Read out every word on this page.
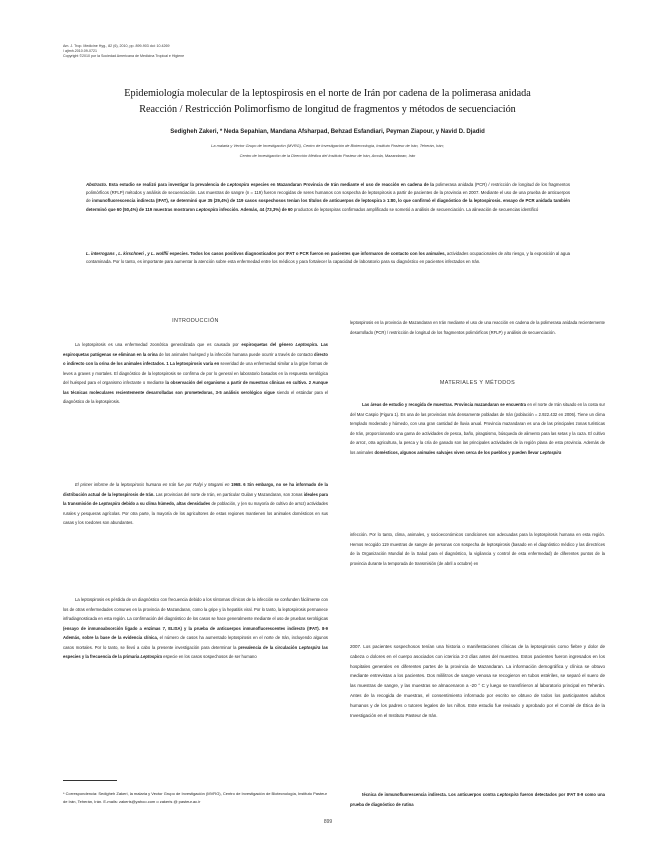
Am. J. Trop. Medicine Hyg., 82 (6), 2010, pp. 899-903 doi: 10.4269
/ ajtmh.2010.09-0721
Copyright ©2010 por la Sociedad Americana de Medicina Tropical e Higiene
Epidemiología molecular de la leptospirosis en el norte de Irán por cadena de la polimerasa anidada
Reacción / Restricción Polimorfismo de longitud de fragmentos y métodos de secuenciación
Sedigheh Zakeri, * Neda Sepahian, Mandana Afsharpad, Behzad Esfandiari, Peyman Ziapour, y Navid D. Djadid
La malaria y Vector Grupo de Investigación (MVRG), Centro de Investigación de Biotecnología, Instituto Pasteur de Irán, Teherán, Irán;
Centro de Investigación de la Dirección Médica del Instituto Pasteur de Irán, Amola, Mazandaran, Irán
Abstracto. Esta estudio se realizó para investigar la prevalencia de Leptospira especies en Mazandaran Provincia de Irán mediante el uso de reacción en cadena de la polimerasa anidada (PCR) / restricción de longitud de los fragmentos polimórficos (RFLP) métodos y análisis de secuenciación. Las muestras de sangre (n = 119) fueron recogidas de seres humanos con sospecha de leptospirosis a partir de pacientes de la provincia en 2007. Mediante el uso de una prueba de anticuerpos de inmunofluorescencia indirecta (IFAT), se determinó que 35 (29,4%) de 119 casos sospechosos tenían los títulos de anticuerpos de leptospira ≥ 1:80, lo que confirmó el diagnóstico de la leptospirosis. ensayo de PCR anidada también determinó que 60 (50,4%) de 119 muestras mostraron Leptospira infección. Además, 44 (73,3%) de 60 productos de leptospiras confirmados amplificado se sometió a análisis de secuenciación. La alineación de secuencias identificó
L. interrogans , L. kirschneri , y L. wolffii especies. Todos los casos positivos diagnosticados por IFAT o PCR fueron en pacientes que informaron de contacto con los animales, actividades ocupacionales de alto riesgo, y la exposición al agua contaminada. Por lo tanto, es importante para aumentar la atención sobre esta enfermedad entre los médicos y para fortalecer la capacidad de laboratorio para su diagnóstico en pacientes infectados en Irán.
INTRODUCCIÓN
MATERIALES Y MÉTODOS

La leptospirosis es una enfermedad zoonótica generalizada que es causada por espiroquetas del género Leptospira. Las espiroquetas patógenas se eliminan en la orina de los animales huésped y la infección humana puede ocurrir a través de contacto directo o indirecto con la orina de los animales infectados. 1 La leptospirosis varía en severidad de una enfermedad similar a la gripe formas de leves a graves y mortales. El diagnóstico de la leptospirosis se confirma de por lo general en laboratorio basados en la respuesta serológica del huésped para el organismo infectante o mediante la observación del organismo a partir de muestras clínicas en cultivo. 2 Aunque las técnicas moleculares recientemente desarrolladas son prometedoras, 3-5 análisis serológico sigue siendo el estándar para el diagnóstico de la leptospirosis.

El primer informe de la leptospirosis humana en Irán fue por Rafyi y Magami en 1968. 6 Sin embargo, no se ha informado de la distribución actual de la leptospirosis de Irán. Las provincias del norte de Irán, en particular Guilan y Mazandaran, son zonas ideales para la transmisión de Leptospira debido a su clima húmedo, altas densidades de población, y (en su mayoría de cultivo de arroz) actividades rurales y pesqueras agrícolas. Por otra parte, la mayoría de los agricultores de estas regiones mantienen los animales domésticos en sus casas y los roedores son abundantes.

La leptospirosis es pérdida de un diagnóstico con frecuencia debido a los síntomas clínicos de la infección se confunden fácilmente con los de otras enfermedades comunes en la provincia de Mazandaran, como la gripe y la hepatitis viral. Por lo tanto, la leptospirosis permanece infradiagnosticada en esta región. La confirmación del diagnóstico de los casos se hace generalmente mediante el uso de pruebas serológicas (ensayo de inmunoabsorción ligado a enzimas 7, ELISA) y la prueba de anticuerpos inmunofluorescentes indirecto (IFAT). 8-9 Además, sobre la base de la evidencia clínica, el número de casos ha aumentado leptospirosis en el norte de Irán, incluyendo algunos casos mortales. Por lo tanto, se llevó a cabo la presente investigación para determinar la prevalencia de la circulación Leptospira las especies y la frecuencia de la primaria Leptospira especie en los casos sospechosos de ser humano

leptospirosis en la provincia de Mazandaran en Irán mediante el uso de una reacción en cadena de la polimerasa anidada recientemente desarrollado (PCR) / restricción de longitud de los fragmentos polimórficos (RFLP) y análisis de secuenciación.

Las áreas de estudio y recogida de muestras. Provincia mazandaran se encuentra en el norte de Irán situado en la costa sur del Mar Caspio (Figura 1). Es una de las provincias más densamente pobladas de Irán (población = 2.922.432 en 2006). Tiene un clima templado moderado y húmedo, con una gran cantidad de lluvia anual. Provincia mazandaran es una de las principales zonas turísticas de Irán, proporcionando una gama de actividades de pesca, baño, piragüismo, búsqueda de alimento para las setas y la caza. El cultivo de arroz, otra agricultura, la pesca y la cría de ganado son las principales actividades de la región plana de esta provincia. Además de los animales domésticos, algunos animales salvajes viven cerca de los pueblos y pueden llevar Leptospira

infección. Por lo tanto, clima, animales, y socioeconómicos condiciones son adecuadas para la leptospirosis humana en esta región. Hemos recogido 119 muestras de sangre de personas con sospecha de leptospirosis (basado en el diagnóstico médico y las directrices de la Organización Mundial de la Salud para el diagnóstico, la vigilancia y control de esta enfermedad) de diferentes puntos de la provincia durante la temporada de transmisión (de abril a octubre) en

2007. Los pacientes sospechosos tenían una historia o manifestaciones clínicas de la leptospirosis como fiebre y dolor de cabeza o dolores en el cuerpo asociados con ictericia 2-3 días antes del muestreo. Estos pacientes fueron ingresados en los hospitales generales en diferentes partes de la provincia de Mazandaran. La información demográfica y clínica se obtuvo mediante entrevistas a los pacientes. Dos mililitros de sangre venosa se recogieron en tubos estériles, se separó el suero de las muestras de sangre, y las muestras se almacenaron a -20 ° C y luego se transfirieron al laboratorio principal en Teherán. Antes de la recogida de muestras, el consentimiento informado por escrito se obtuvo de todos los participantes adultos humanos y de los padres o tutores legales de los niños. Este estudio fue revisado y aprobado por el Comité de Ética de la Investigación en el Instituto Pasteur de Irán.

técnica de inmunofluorescencia indirecta. Los anticuerpos contra Leptospira fueron detectados por IFAT 8-9 como una prueba de diagnóstico de rutina

* Correspondencia: Sedigheh Zakeri, la malaria y Vector Grupo de Investigación (MVRG), Centro de Investigación de Biotecnología, Instituto Pasteur de Irán, Teherán, Irán. E-mails: zakeris@yahoo.com o zakeris @ pasteur.ac.ir
899
